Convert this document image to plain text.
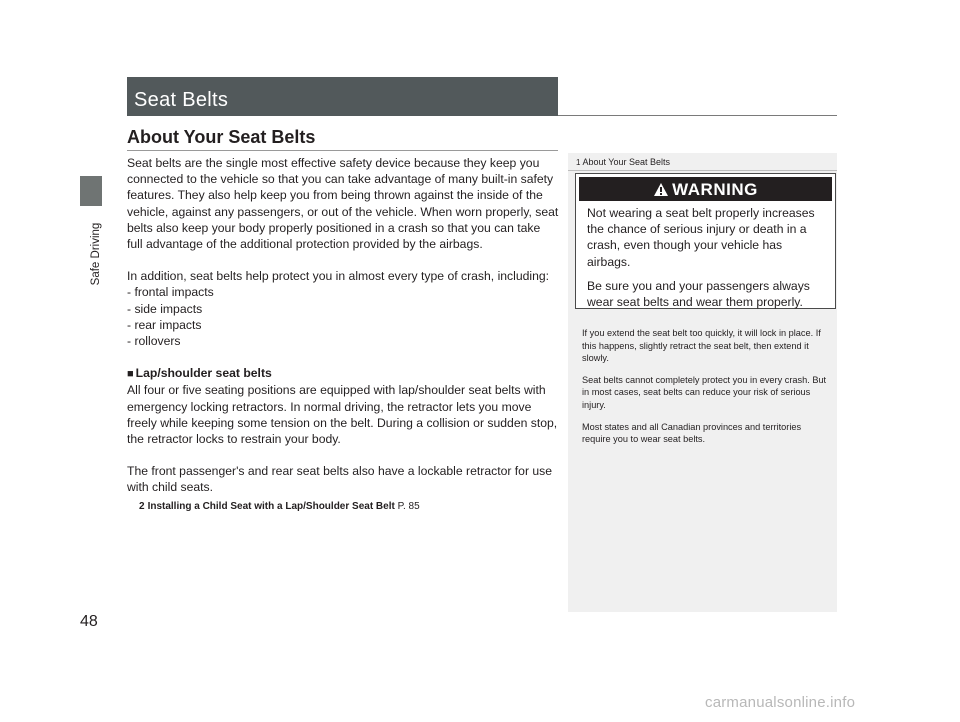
Safe Driving
Seat Belts
About Your Seat Belts

Seat belts are the single most effective safety device because they keep you connected to the vehicle so that you can take advantage of many built-in safety features. They also help keep you from being thrown against the inside of the vehicle, against any passengers, or out of the vehicle. When worn properly, seat belts also keep your body properly positioned in a crash so that you can take full advantage of the additional protection provided by the airbags.

In addition, seat belts help protect you in almost every type of crash, including:

- frontal impacts
- side impacts
- rear impacts
- rollovers
■ Lap/shoulder seat belts

All four or five seating positions are equipped with lap/shoulder seat belts with emergency locking retractors. In normal driving, the retractor lets you move freely while keeping some tension on the belt. During a collision or sudden stop, the retractor locks to restrain your body.

The front passenger's and rear seat belts also have a lockable retractor for use with child seats.

2 Installing a Child Seat with a Lap/Shoulder Seat Belt P. 85
1 About Your Seat Belts
WARNING

Not wearing a seat belt properly increases the chance of serious injury or death in a crash, even though your vehicle has airbags.

Be sure you and your passengers always wear seat belts and wear them properly.

If you extend the seat belt too quickly, it will lock in place. If this happens, slightly retract the seat belt, then extend it slowly.

Seat belts cannot completely protect you in every crash. But in most cases, seat belts can reduce your risk of serious injury.

Most states and all Canadian provinces and territories require you to wear seat belts.

48
carmanualsonline.info
